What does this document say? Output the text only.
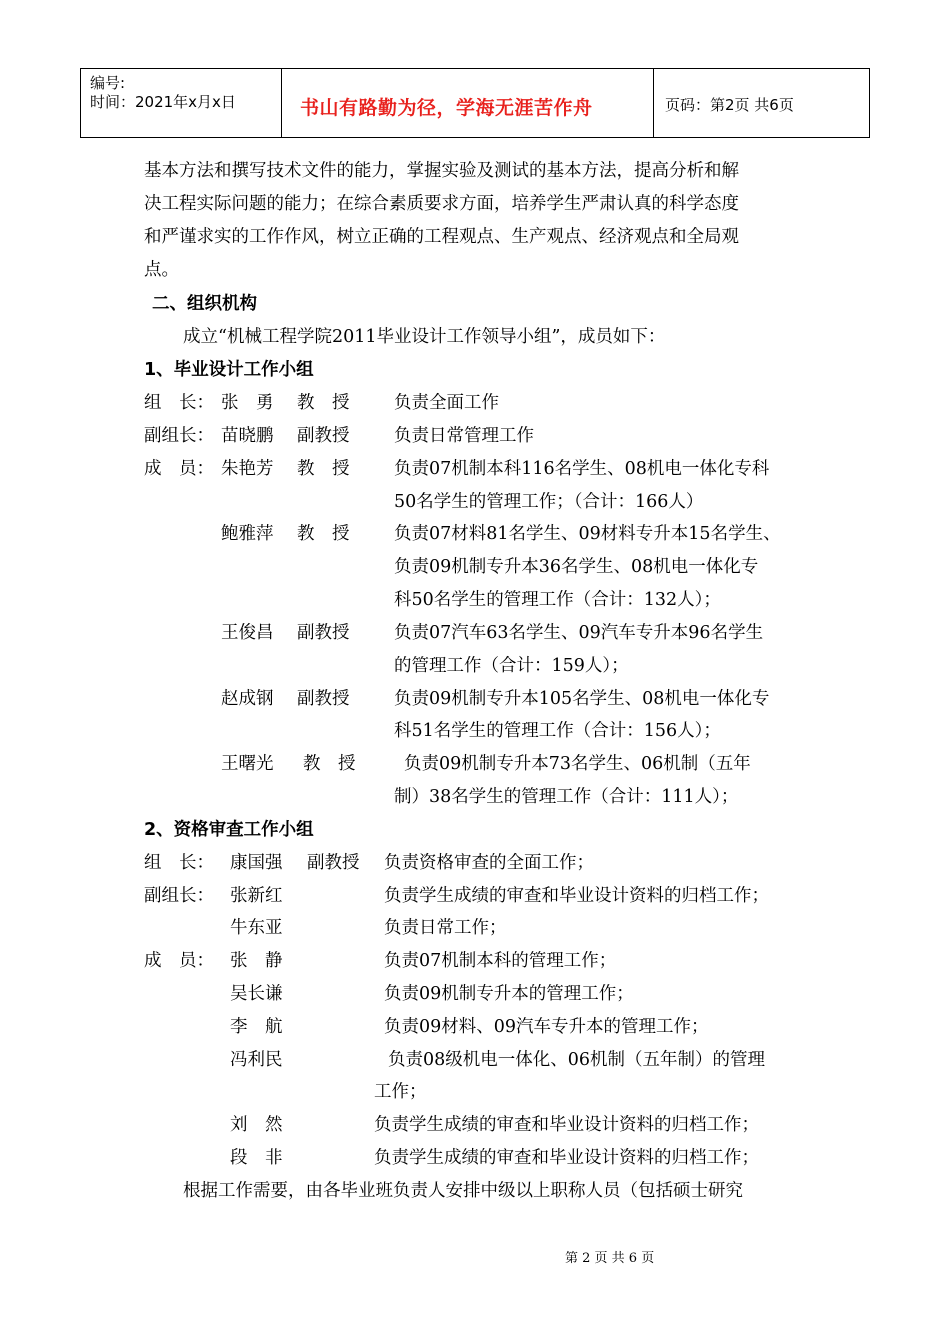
编号:
时间：2021年x月x日	书山有路勤为径，学海无涯苦作舟	页码：第2页 共6页
基本方法和撰写技术文件的能力，掌握实验及测试的基本方法，提高分析和解
决工程实际问题的能力；在综合素质要求方面，培养学生严肃认真的科学态度
和严谨求实的工作作风，树立正确的工程观点、生产观点、经济观点和全局观
点。
二、组织机构
成立“机械工程学院2011毕业设计工作领导小组”，成员如下：
1、毕业设计工作小组
组　长： 张　勇 教　授	负责全面工作
副组长： 苗晓鹏 副教授	负责日常管理工作
成　员： 朱艳芳 教　授	负责07机制本科116名学生、08机电一体化专科
50名学生的管理工作；（合计：166人）
鲍雅萍 教　授	负责07材料81名学生、09材料专升本15名学生、
负责09机制专升本36名学生、08机电一体化专
科50名学生的管理工作（合计：132人）；
王俊昌 副教授	负责07汽车63名学生、09汽车专升本96名学生
的管理工作（合计：159人）；
赵成钢 副教授	负责09机制专升本105名学生、08机电一体化专
科51名学生的管理工作（合计：156人）；
王曙光 教　授	负责09机制专升本73名学生、06机制（五年
制）38名学生的管理工作（合计：111人）；
2、资格审查工作小组
组　长： 康国强 副教授 负责资格审查的全面工作；
副组长： 张新红	负责学生成绩的审查和毕业设计资料的归档工作；
牛东亚	负责日常工作；
成　员： 张　静	负责07机制本科的管理工作；
吴长谦	负责09机制专升本的管理工作；
李　航	负责09材料、09汽车专升本的管理工作；
冯利民	负责08级机电一体化、06机制（五年制）的管理
工作；
刘　然	负责学生成绩的审查和毕业设计资料的归档工作；
段　非	负责学生成绩的审查和毕业设计资料的归档工作；
根据工作需要，由各毕业班负责人安排中级以上职称人员（包括硕士研究
第 2 页 共 6 页
